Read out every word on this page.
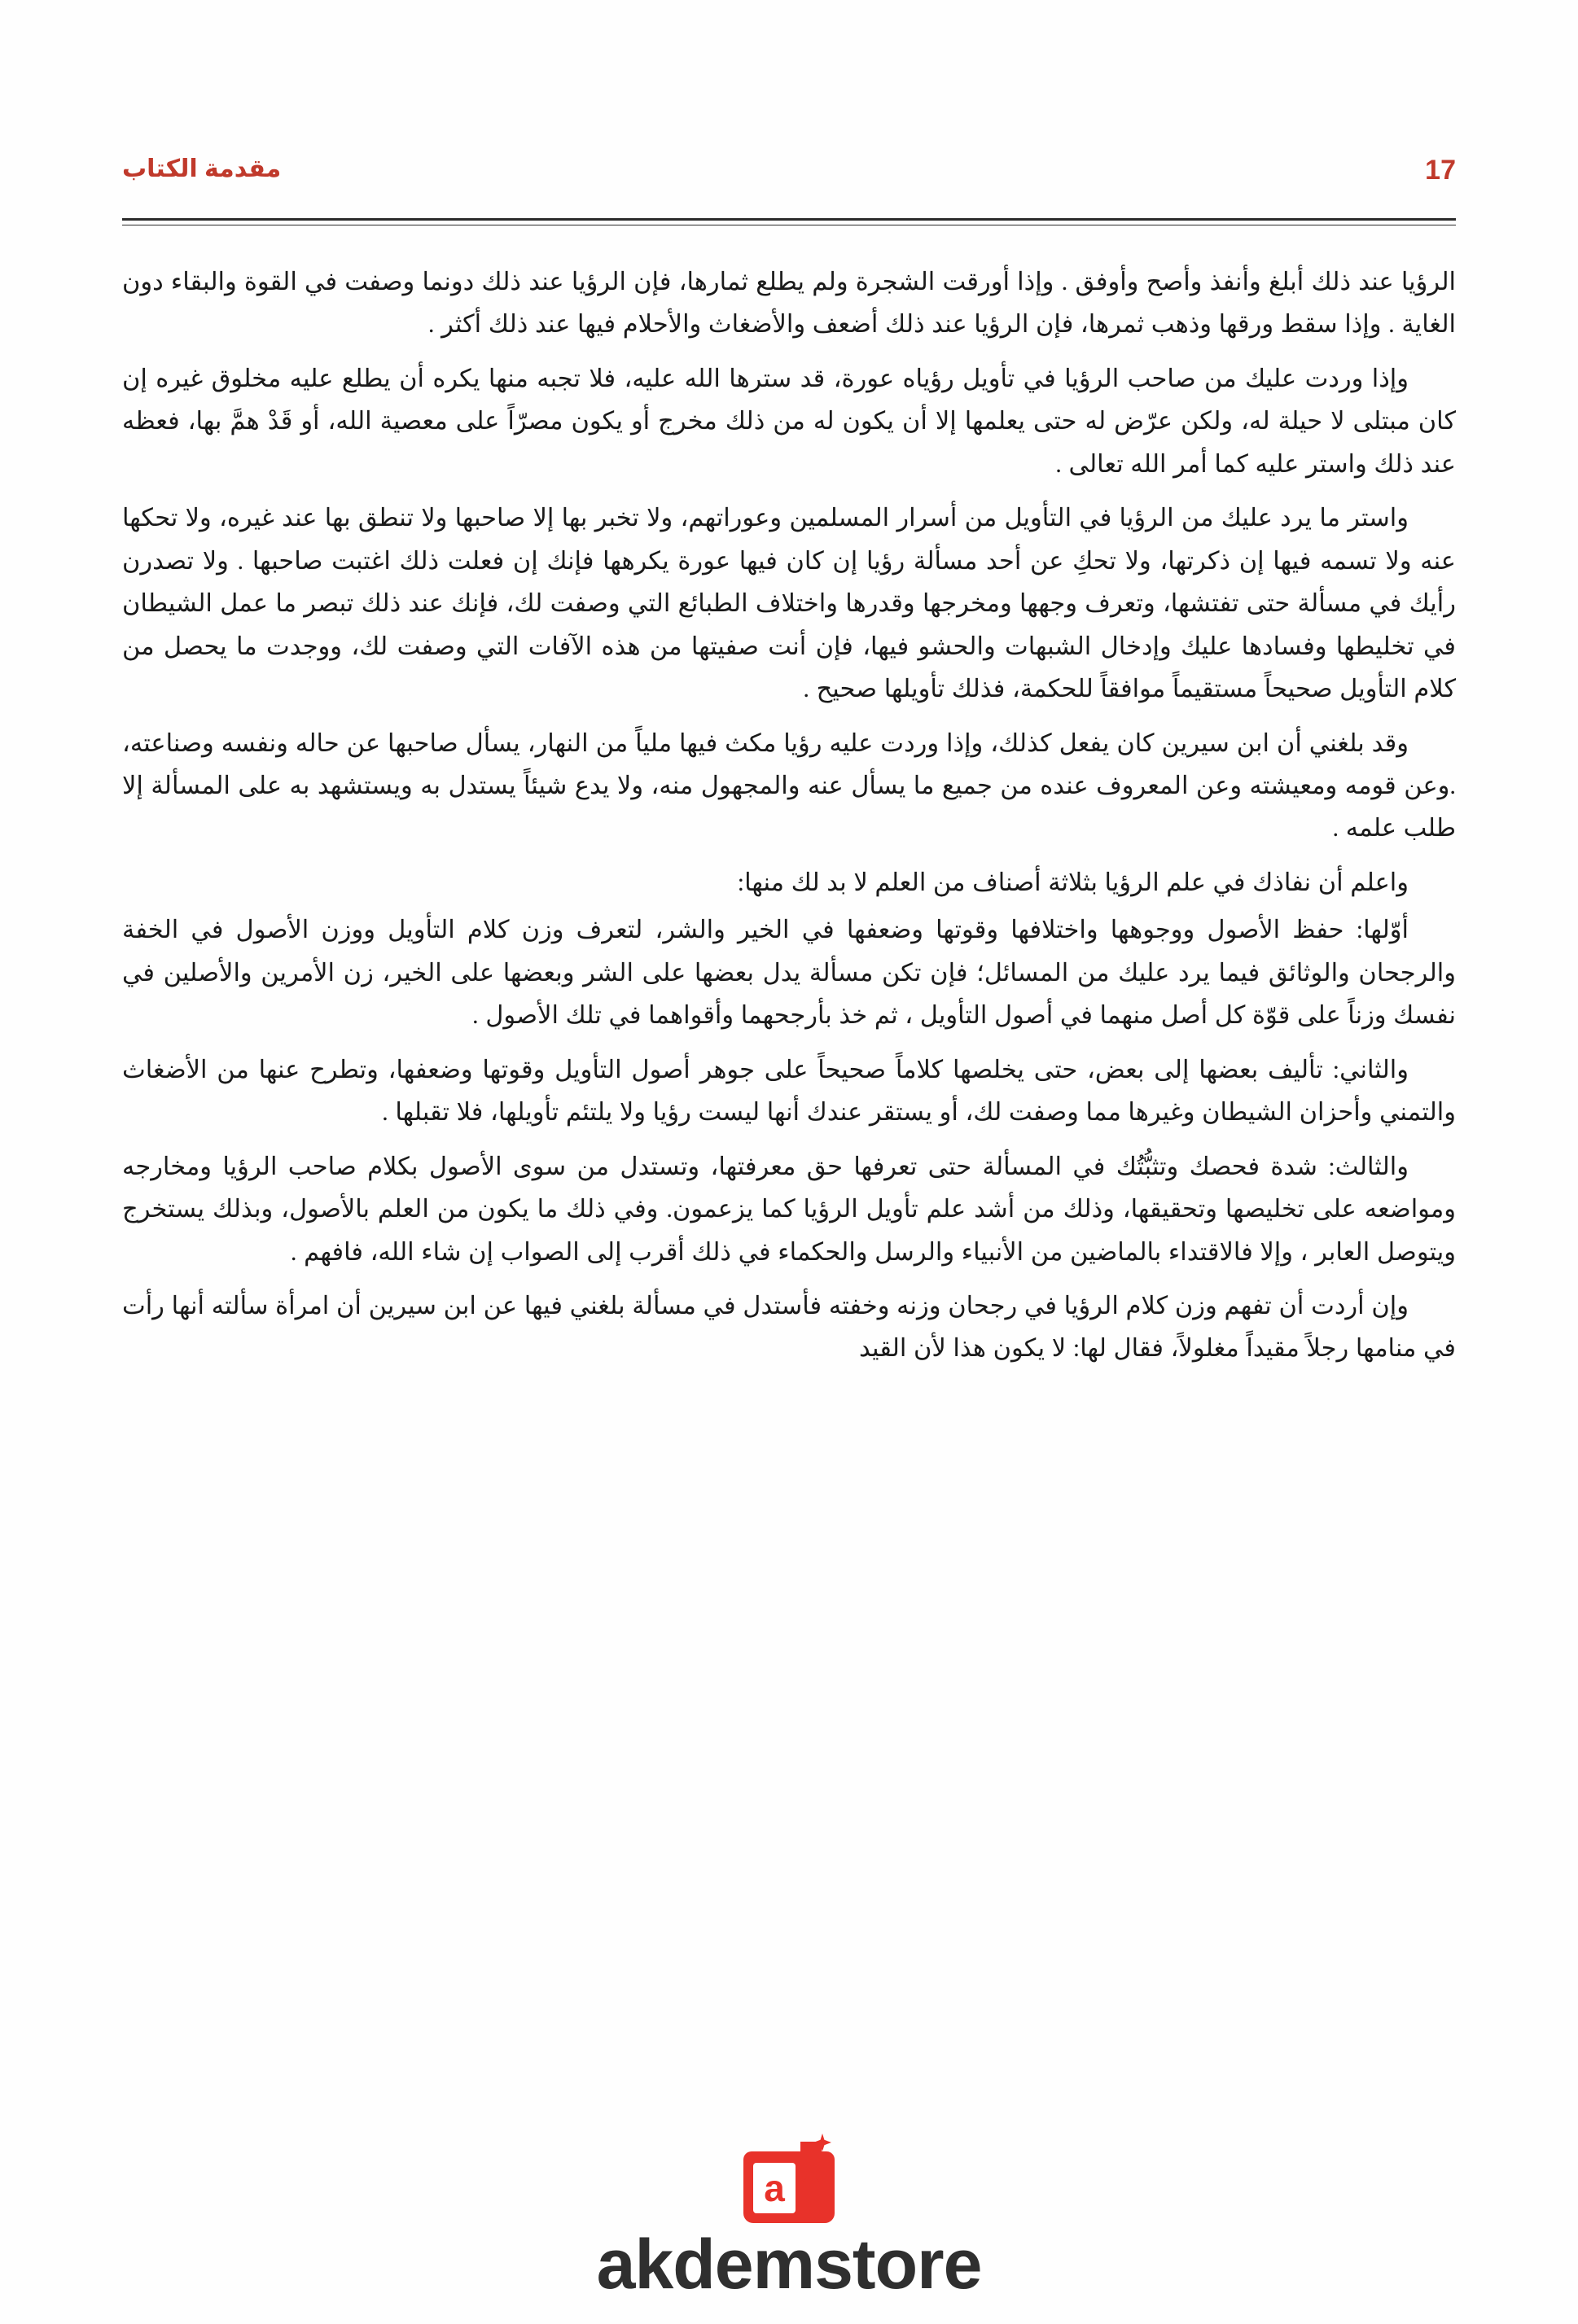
مقدمة الكتاب	17

الرؤيا عند ذلك أبلغ وأنفذ وأصح وأوفق . وإذا أورقت الشجرة ولم يطلع ثمارها، فإن الرؤيا عند ذلك دونما وصفت في القوة والبقاء دون الغاية . وإذا سقط ورقها وذهب ثمرها، فإن الرؤيا عند ذلك أضعف والأضغاث والأحلام فيها عند ذلك أكثر .

وإذا وردت عليك من صاحب الرؤيا في تأويل رؤياه عورة، قد سترها الله عليه، فلا تجبه منها يكره أن يطلع عليه مخلوق غيره إن كان مبتلى لا حيلة له، ولكن عرّض له حتى يعلمها إلا أن يكون له من ذلك مخرج أو يكون مصرّاً على معصية الله، أو قَدْ همَّ بها، فعظه عند ذلك واستر عليه كما أمر الله تعالى .

واستر ما يرد عليك من الرؤيا في التأويل من أسرار المسلمين وعوراتهم، ولا تخبر بها إلا صاحبها ولا تنطق بها عند غيره، ولا تحكها عنه ولا تسمه فيها إن ذكرتها، ولا تحكِ عن أحد مسألة رؤيا إن كان فيها عورة يكرهها فإنك إن فعلت ذلك اغتبت صاحبها . ولا تصدرن رأيك في مسألة حتى تفتشها، وتعرف وجهها ومخرجها وقدرها واختلاف الطبائع التي وصفت لك، فإنك عند ذلك تبصر ما عمل الشيطان في تخليطها وفسادها عليك وإدخال الشبهات والحشو فيها، فإن أنت صفيتها من هذه الآفات التي وصفت لك، ووجدت ما يحصل من كلام التأويل صحيحاً مستقيماً موافقاً للحكمة، فذلك تأويلها صحيح .

وقد بلغني أن ابن سيرين كان يفعل كذلك، وإذا وردت عليه رؤيا مكث فيها ملياً من النهار، يسأل صاحبها عن حاله ونفسه وصناعته، .وعن قومه ومعيشته وعن المعروف عنده من جميع ما يسأل عنه والمجهول منه، ولا يدع شيئاً يستدل به ويستشهد به على المسألة إلا طلب علمه .

واعلم أن نفاذك في علم الرؤيا بثلاثة أصناف من العلم لا بد لك منها:

أوّلها: حفظ الأصول ووجوهها واختلافها وقوتها وضعفها في الخير والشر، لتعرف وزن كلام التأويل ووزن الأصول في الخفة والرجحان والوثائق فيما يرد عليك من المسائل؛ فإن تكن مسألة يدل بعضها على الشر وبعضها على الخير، زن الأمرين والأصلين في نفسك وزناً على قوّة كل أصل منهما في أصول التأويل ، ثم خذ بأرجحهما وأقواهما في تلك الأصول .

والثاني: تأليف بعضها إلى بعض، حتى يخلصها كلاماً صحيحاً على جوهر أصول التأويل وقوتها وضعفها، وتطرح عنها من الأضغاث والتمني وأحزان الشيطان وغيرها مما وصفت لك، أو يستقر عندك أنها ليست رؤيا ولا يلتئم تأويلها، فلا تقبلها .

والثالث: شدة فحصك وتثبُّتُك في المسألة حتى تعرفها حق معرفتها، وتستدل من سوى الأصول بكلام صاحب الرؤيا ومخارجه ومواضعه على تخليصها وتحقيقها، وذلك من أشد علم تأويل الرؤيا كما يزعمون. وفي ذلك ما يكون من العلم بالأصول، وبذلك يستخرج ويتوصل العابر ، وإلا فالاقتداء بالماضين من الأنبياء والرسل والحكماء في ذلك أقرب إلى الصواب إن شاء الله، فافهم .

وإن أردت أن تفهم وزن كلام الرؤيا في رجحان وزنه وخفته فأستدل في مسألة بلغني فيها عن ابن سيرين أن امرأة سألته أنها رأت في منامها رجلاً مقيداً مغلولاً، فقال لها: لا يكون هذا لأن القيد

a
akdemstore
